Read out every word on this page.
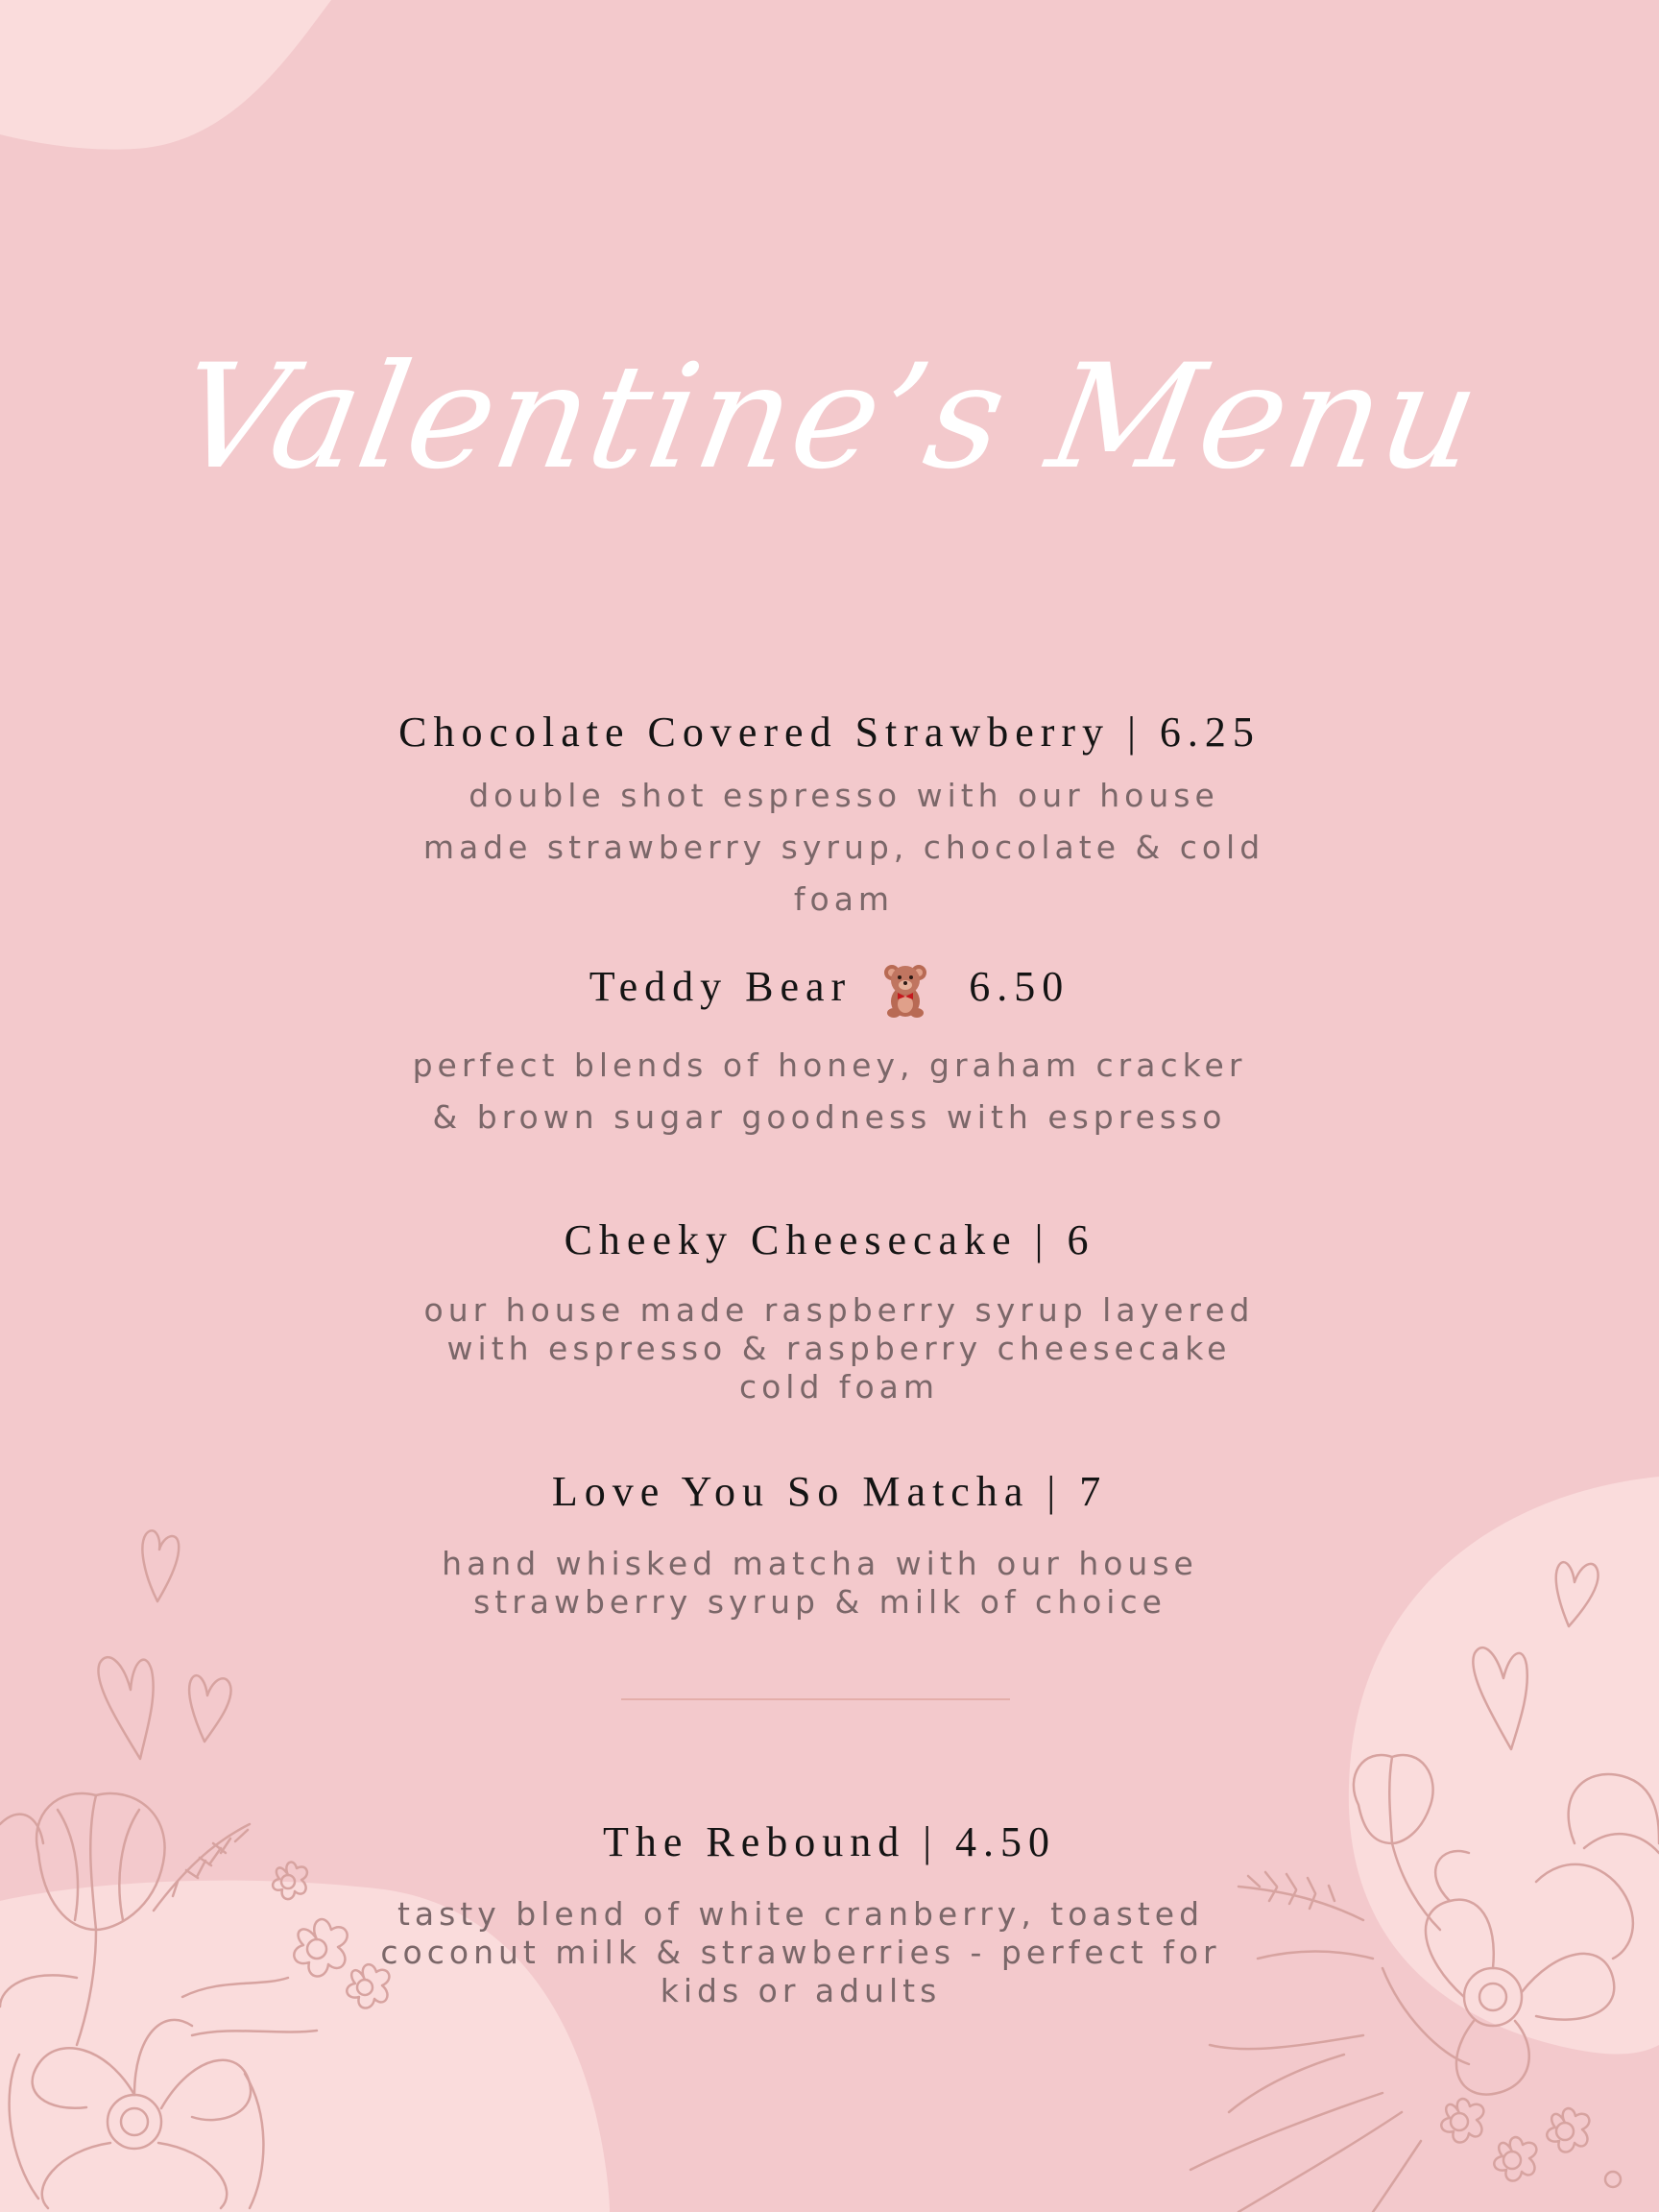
Valentine’s Menu
Chocolate Covered Strawberry | 6.25
double shot espresso with our house made strawberry syrup, chocolate & cold foam
Teddy Bear	6.50
perfect blends of honey, graham cracker & brown sugar goodness with espresso
Cheeky Cheesecake | 6
our house made raspberry syrup layered with espresso & raspberry cheesecake cold foam
Love You So Matcha | 7
hand whisked matcha with our house strawberry syrup & milk of choice
The Rebound | 4.50
tasty blend of white cranberry, toasted coconut milk & strawberries - perfect for kids or adults
